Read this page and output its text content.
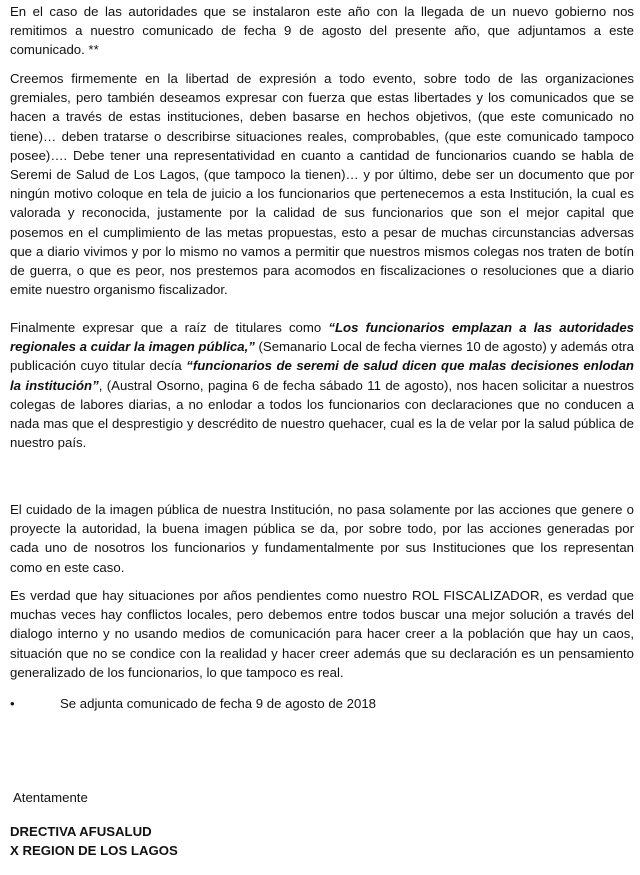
En el caso de las autoridades que se instalaron este año con la llegada de un nuevo gobierno nos remitimos a nuestro comunicado de fecha 9 de agosto del presente año, que adjuntamos a este comunicado. **

Creemos firmemente en la libertad de expresión a todo evento, sobre todo de las organizaciones gremiales, pero también deseamos expresar con fuerza que estas libertades y los comunicados que se hacen a través de estas instituciones, deben basarse en hechos objetivos, (que este comunicado no tiene)… deben tratarse o describirse situaciones reales, comprobables, (que este comunicado tampoco posee)…. Debe tener una representatividad en cuanto a cantidad de funcionarios cuando se habla de Seremi de Salud de Los Lagos, (que tampoco la tienen)… y por último, debe ser un documento que por ningún motivo coloque en tela de juicio a los funcionarios que pertenecemos a esta Institución, la cual es valorada y reconocida, justamente por la calidad de sus funcionarios que son el mejor capital que posemos en el cumplimiento de las metas propuestas, esto a pesar de muchas circunstancias adversas que a diario vivimos y por lo mismo no vamos a permitir que nuestros mismos colegas nos traten de botín de guerra, o que es peor, nos prestemos para acomodos en fiscalizaciones o resoluciones que a diario emite nuestro organismo fiscalizador.

Finalmente expresar que a raíz de titulares como “Los funcionarios emplazan a las autoridades regionales a cuidar la imagen pública,” (Semanario Local de fecha viernes 10 de agosto) y además otra publicación cuyo titular decía “funcionarios de seremi de salud dicen que malas decisiones enlodan la institución”, (Austral Osorno, pagina 6 de fecha sábado 11 de agosto), nos hacen solicitar a nuestros colegas de labores diarias, a no enlodar a todos los funcionarios con declaraciones que no conducen a nada mas que el desprestigio y descrédito de nuestro quehacer, cual es la de velar por la salud pública de nuestro país.

El cuidado de la imagen pública de nuestra Institución, no pasa solamente por las acciones que genere o proyecte la autoridad, la buena imagen pública se da, por sobre todo, por las acciones generadas por cada uno de nosotros los funcionarios y fundamentalmente por sus Instituciones que los representan como en este caso.

Es verdad que hay situaciones por años pendientes como nuestro ROL FISCALIZADOR, es verdad que muchas veces hay conflictos locales, pero debemos entre todos buscar una mejor solución a través del dialogo interno y no usando medios de comunicación para hacer creer a la población que hay un caos, situación que no se condice con la realidad y hacer creer además que su declaración es un pensamiento generalizado de los funcionarios, lo que tampoco es real.

•	Se adjunta comunicado de fecha 9 de agosto de 2018
Atentamente
DRECTIVA AFUSALUD
X REGION DE LOS LAGOS
